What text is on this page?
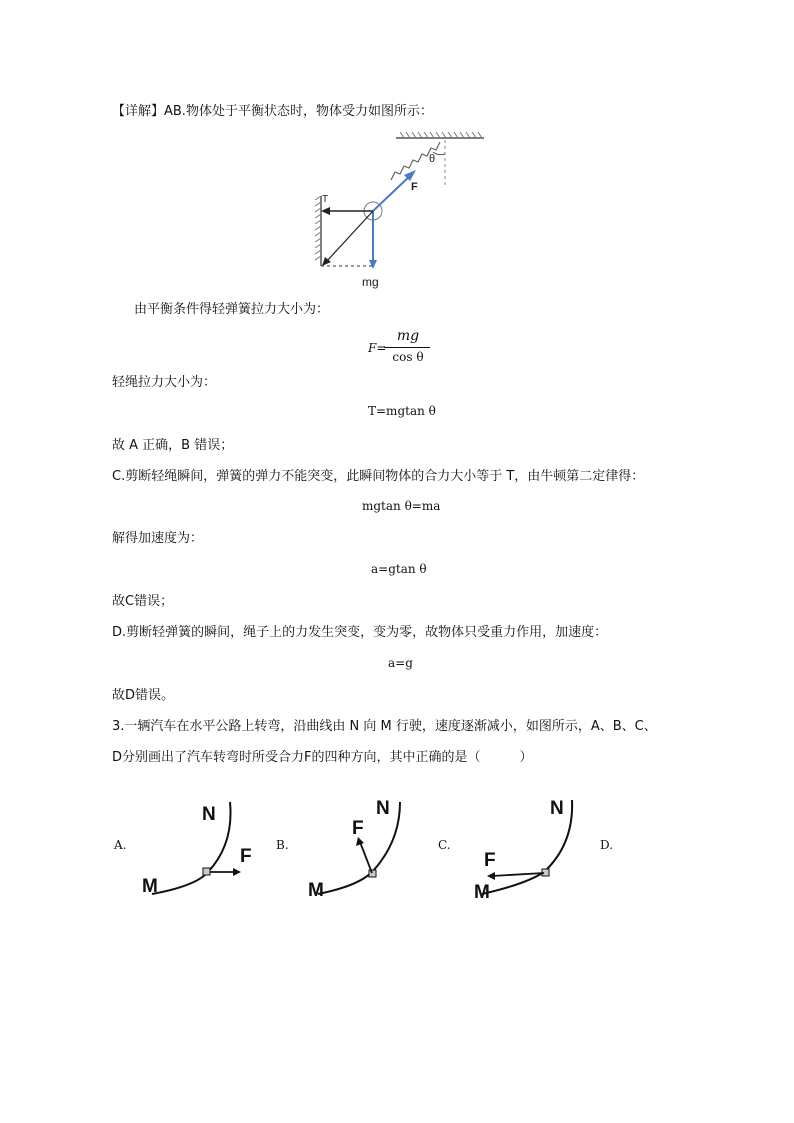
【详解】AB.物体处于平衡状态时，物体受力如图所示：
T
F
θ
mg
由平衡条件得轻弹簧拉力大小为：
F=
mg
cos θ
轻绳拉力大小为：
T=mgtan θ
故 A 正确，B 错误；
C.剪断轻绳瞬间，弹簧的弹力不能突变，此瞬间物体的合力大小等于 T，由牛顿第二定律得：
mgtan θ=ma
解得加速度为：
a=gtan θ
故C错误；
D.剪断轻弹簧的瞬间，绳子上的力发生突变，变为零，故物体只受重力作用，加速度：
a=g
故D错误。
3.一辆汽车在水平公路上转弯，沿曲线由 N 向 M 行驶，速度逐渐减小，如图所示，A、B、C、
D分别画出了汽车转弯时所受合力F的四种方向，其中正确的是（　　　）
A.
N
M
F
B.
N
M
F
C.
N
M
F
D.
